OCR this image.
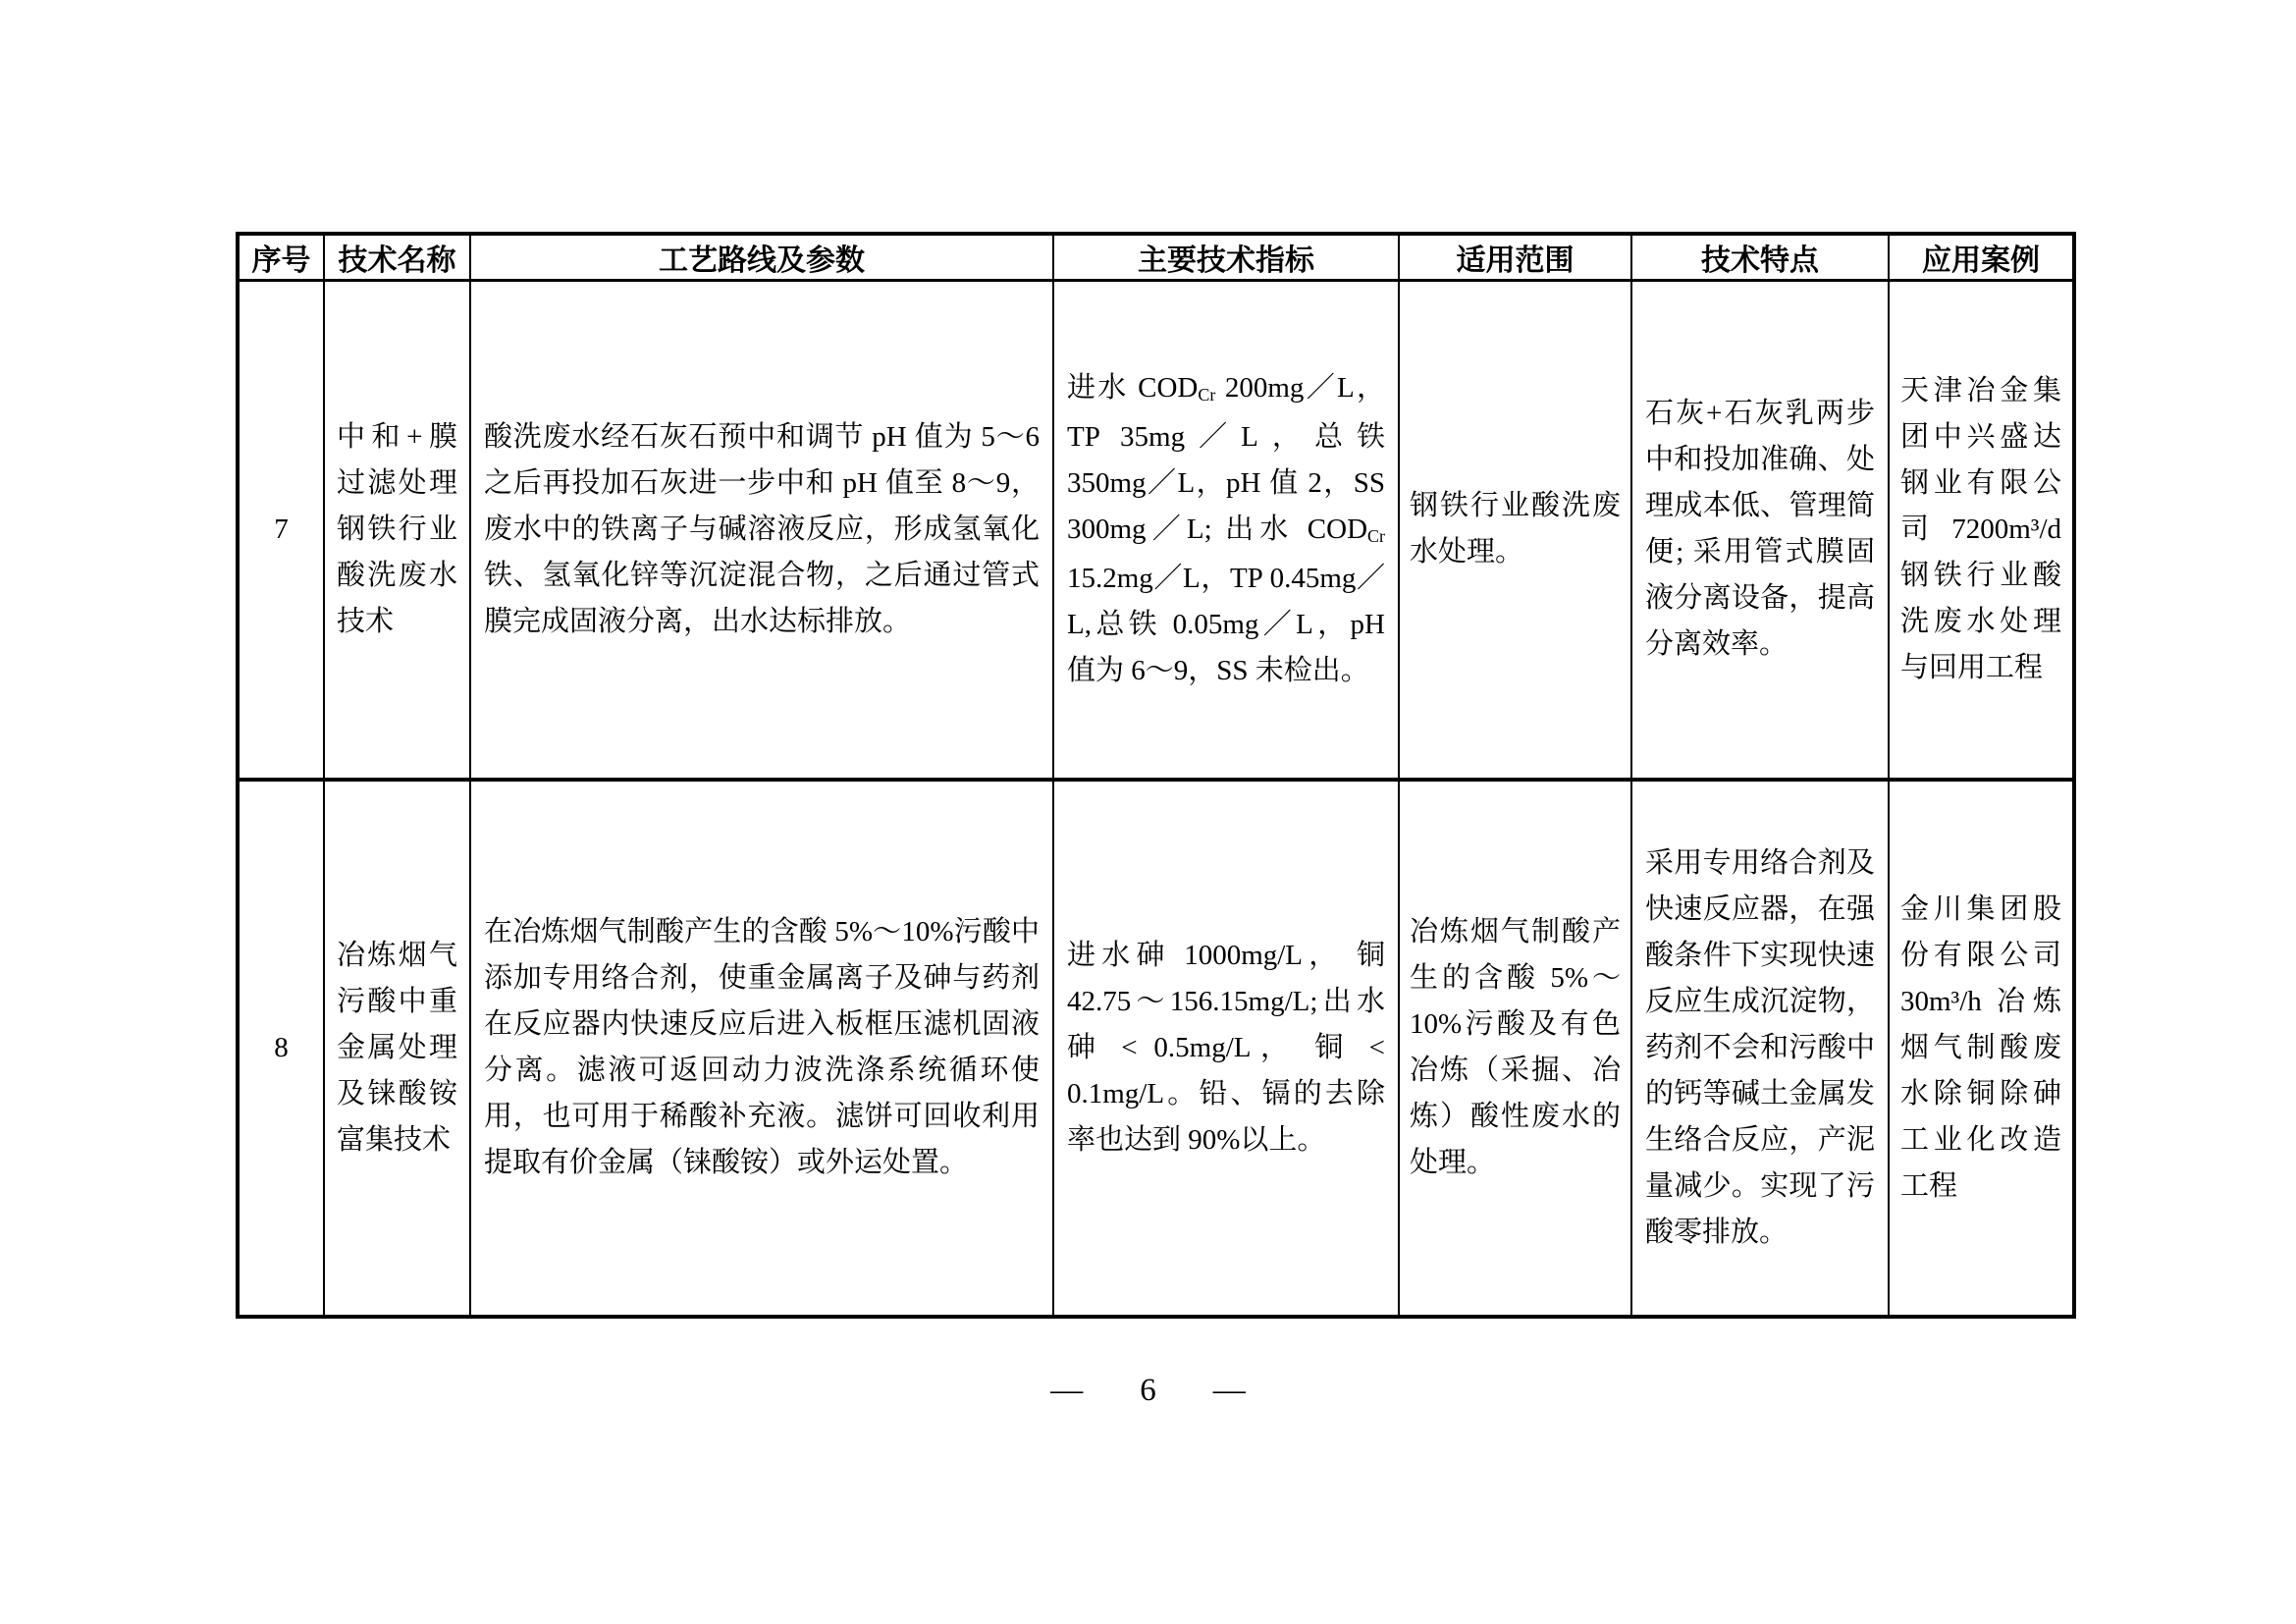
序号	技术名称	工艺路线及参数	主要技术指标	适用范围	技术特点	应用案例
7	中和+膜过滤处理钢铁行业酸洗废水技术	酸洗废水经石灰石预中和调节 pH 值为 5～6 之后再投加石灰进一步中和 pH 值至 8～9，废水中的铁离子与碱溶液反应，形成氢氧化铁、氢氧化锌等沉淀混合物，之后通过管式膜完成固液分离，出水达标排放。	进水 CODCr 200mg／L，TP 35mg／L，总铁 350mg／L，pH 值 2，SS 300mg／L; 出水 CODCr 15.2mg／L，TP 0.45mg／L,总铁 0.05mg／L，pH 值为 6～9，SS 未检出。	钢铁行业酸洗废水处理。	石灰+石灰乳两步中和投加准确、处理成本低、管理简便; 采用管式膜固液分离设备，提高分离效率。	天津冶金集团中兴盛达钢业有限公司 7200m³/d 钢铁行业酸洗废水处理与回用工程
8	冶炼烟气污酸中重金属处理及铼酸铵富集技术	在冶炼烟气制酸产生的含酸 5%～10%污酸中添加专用络合剂，使重金属离子及砷与药剂在反应器内快速反应后进入板框压滤机固液分离。滤液可返回动力波洗涤系统循环使用，也可用于稀酸补充液。滤饼可回收利用提取有价金属（铼酸铵）或外运处置。	进水砷 1000mg/L， 铜 42.75～156.15mg/L;出水砷 < 0.5mg/L， 铜 < 0.1mg/L。铅、镉的去除率也达到 90%以上。	冶炼烟气制酸产生的含酸 5%～10%污酸及有色冶炼（采掘、冶炼）酸性废水的处理。	采用专用络合剂及快速反应器，在强酸条件下实现快速反应生成沉淀物，药剂不会和污酸中的钙等碱土金属发生络合反应，产泥量减少。实现了污酸零排放。	金川集团股份有限公司 30m³/h 冶炼烟气制酸废水除铜除砷工业化改造工程
— 6 —
